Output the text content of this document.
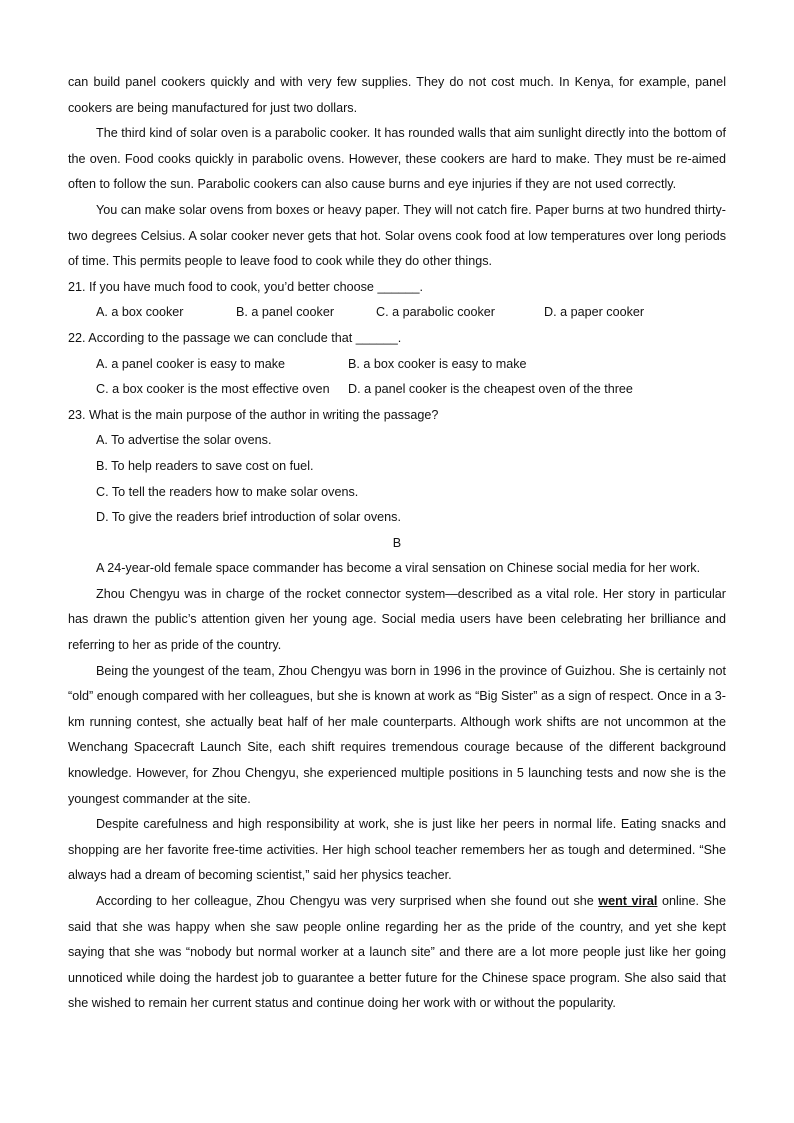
can build panel cookers quickly and with very few supplies. They do not cost much. In Kenya, for example, panel cookers are being manufactured for just two dollars.

The third kind of solar oven is a parabolic cooker. It has rounded walls that aim sunlight directly into the bottom of the oven. Food cooks quickly in parabolic ovens. However, these cookers are hard to make. They must be re-aimed often to follow the sun. Parabolic cookers can also cause burns and eye injuries if they are not used correctly.

You can make solar ovens from boxes or heavy paper. They will not catch fire. Paper burns at two hundred thirty-two degrees Celsius. A solar cooker never gets that hot. Solar ovens cook food at low temperatures over long periods of time. This permits people to leave food to cook while they do other things.

21. If you have much food to cook, you’d better choose ______.

A. a box cooker	B. a panel cooker	C. a parabolic cooker	D. a paper cooker

22. According to the passage we can conclude that ______.

A. a panel cooker is easy to make	B. a box cooker is easy to make
C. a box cooker is the most effective oven D. a panel cooker is the cheapest oven of the three

23. What is the main purpose of the author in writing the passage?

A. To advertise the solar ovens.

B. To help readers to save cost on fuel.

C. To tell the readers how to make solar ovens.

D. To give the readers brief introduction of solar ovens.

B

A 24-year-old female space commander has become a viral sensation on Chinese social media for her work.

Zhou Chengyu was in charge of the rocket connector system—described as a vital role. Her story in particular has drawn the public’s attention given her young age. Social media users have been celebrating her brilliance and referring to her as pride of the country.

Being the youngest of the team, Zhou Chengyu was born in 1996 in the province of Guizhou. She is certainly not “old” enough compared with her colleagues, but she is known at work as “Big Sister” as a sign of respect. Once in a 3-km running contest, she actually beat half of her male counterparts. Although work shifts are not uncommon at the Wenchang Spacecraft Launch Site, each shift requires tremendous courage because of the different background knowledge. However, for Zhou Chengyu, she experienced multiple positions in 5 launching tests and now she is the youngest commander at the site.

Despite carefulness and high responsibility at work, she is just like her peers in normal life. Eating snacks and shopping are her favorite free-time activities. Her high school teacher remembers her as tough and determined. “She always had a dream of becoming scientist,” said her physics teacher.

According to her colleague, Zhou Chengyu was very surprised when she found out she went viral online. She said that she was happy when she saw people online regarding her as the pride of the country, and yet she kept saying that she was “nobody but normal worker at a launch site” and there are a lot more people just like her going unnoticed while doing the hardest job to guarantee a better future for the Chinese space program. She also said that she wished to remain her current status and continue doing her work with or without the popularity.
